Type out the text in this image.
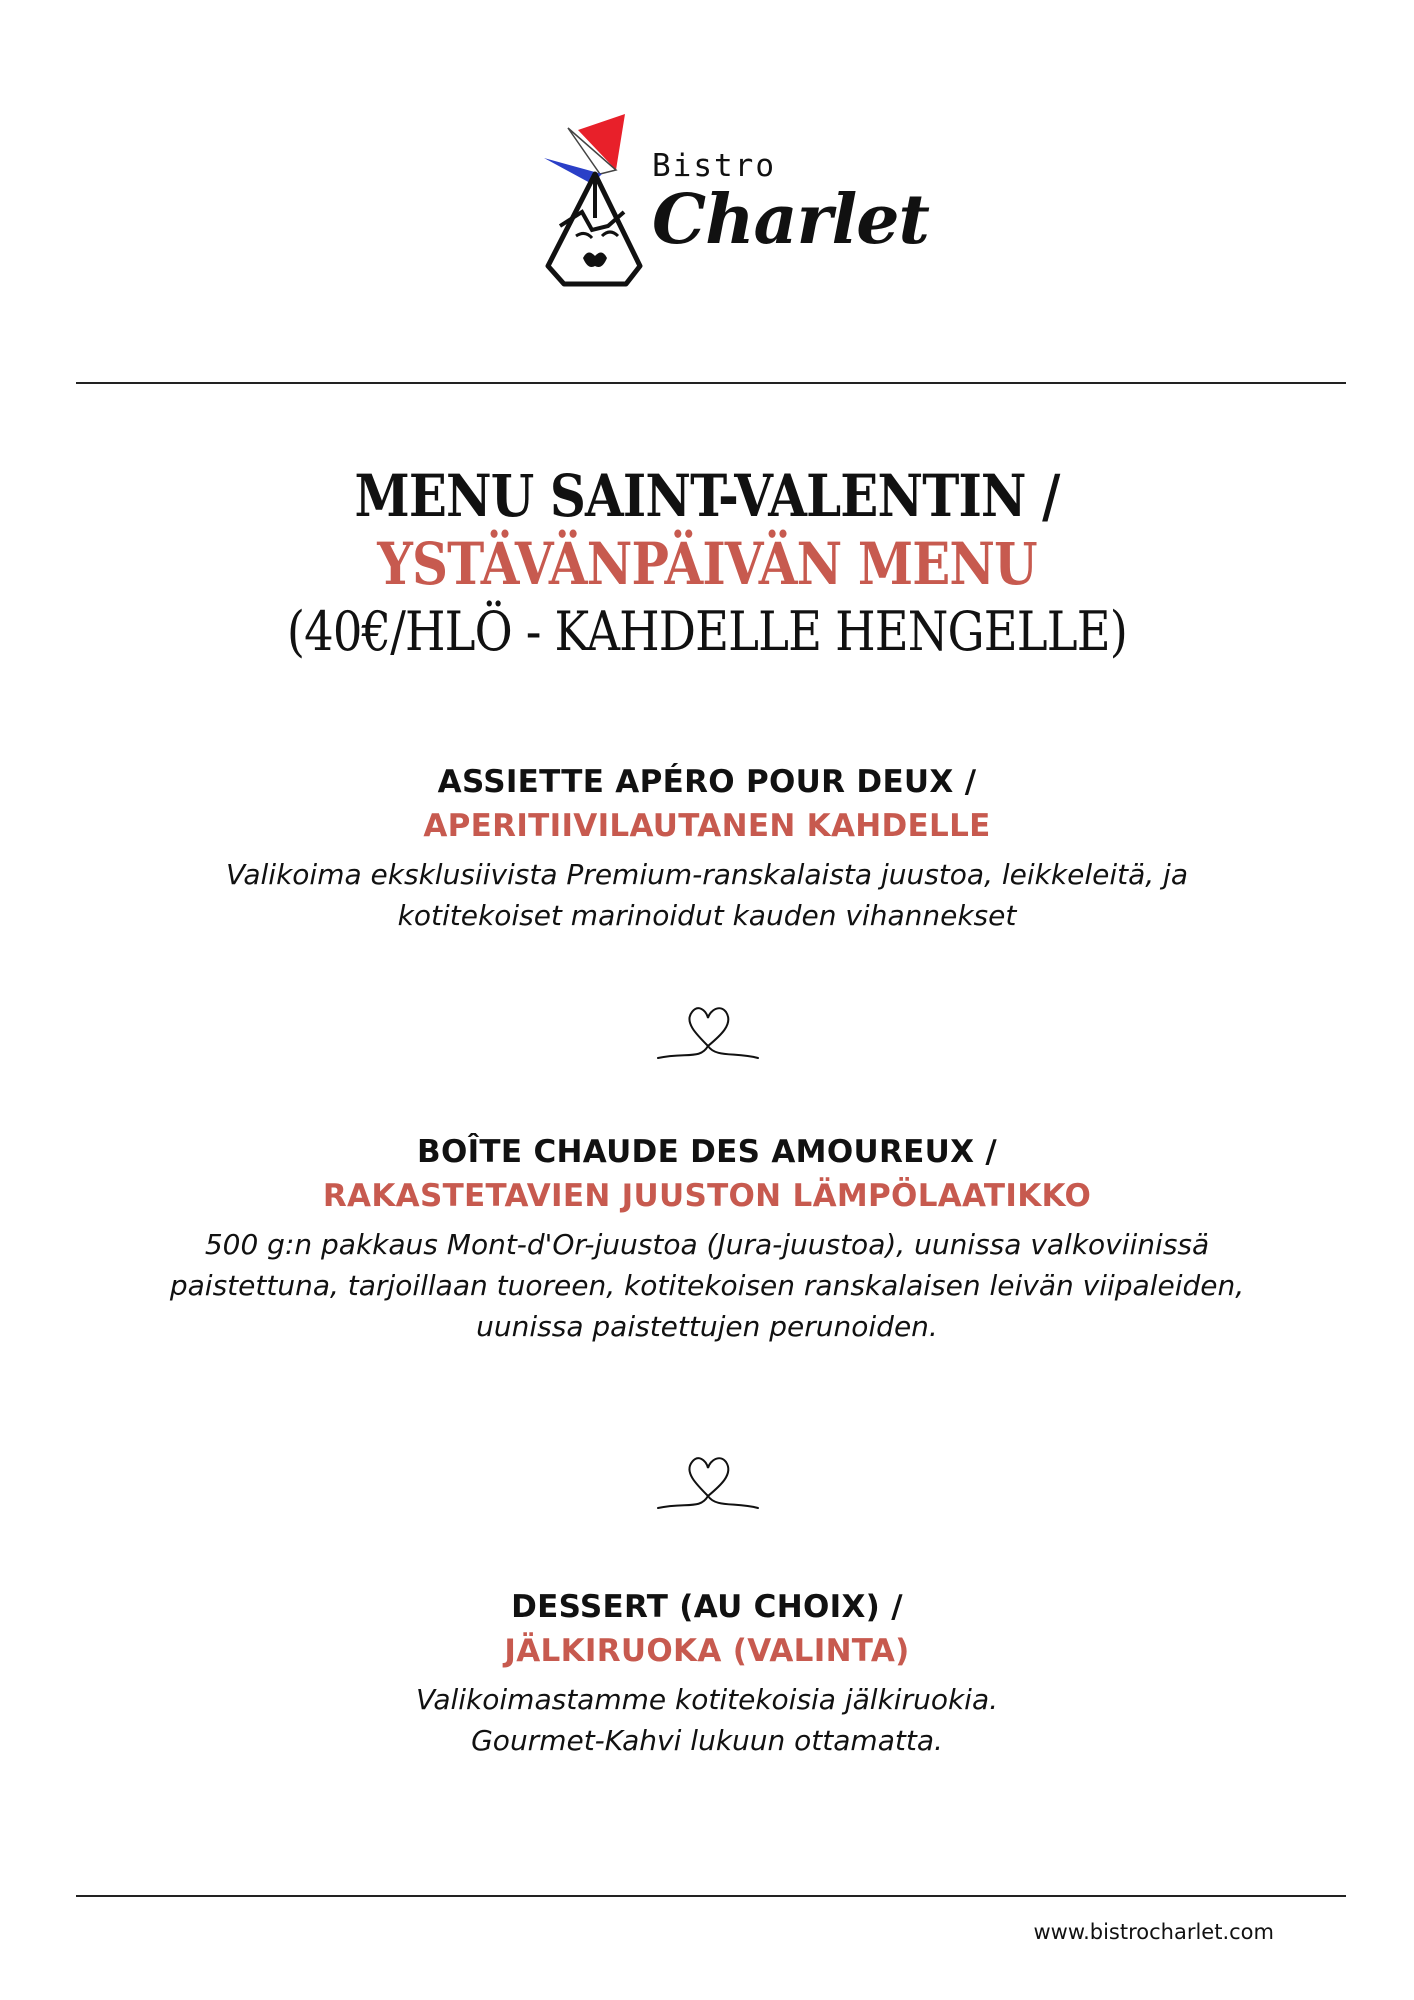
Bistro
Charlet
MENU SAINT-VALENTIN /
YSTÄVÄNPÄIVÄN MENU
(40€/HLÖ - KAHDELLE HENGELLE)
ASSIETTE APÉRO POUR DEUX /
APERITIIVILAUTANEN KAHDELLE
Valikoima eksklusiivista Premium-ranskalaista juustoa, leikkeleitä, ja
kotitekoiset marinoidut kauden vihannekset
BOÎTE CHAUDE DES AMOUREUX /
RAKASTETAVIEN JUUSTON LÄMPÖLAATIKKO
500 g:n pakkaus Mont-d'Or-juustoa (Jura-juustoa), uunissa valkoviinissä
paistettuna, tarjoillaan tuoreen, kotitekoisen ranskalaisen leivän viipaleiden,
uunissa paistettujen perunoiden.
DESSERT (AU CHOIX) /
JÄLKIRUOKA (VALINTA)
Valikoimastamme kotitekoisia jälkiruokia.
Gourmet-Kahvi lukuun ottamatta.
www.bistrocharlet.com
